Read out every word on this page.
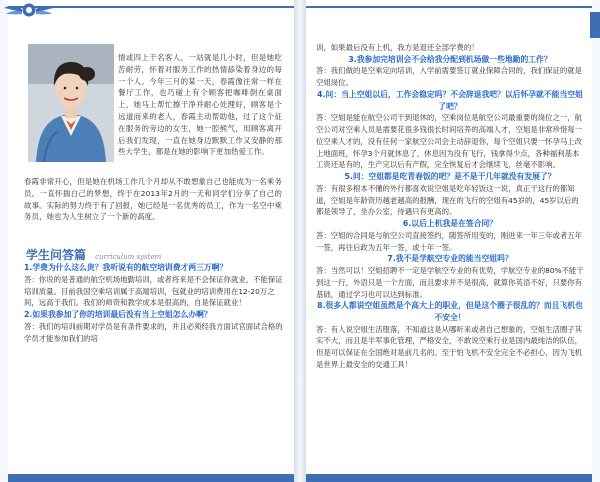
情或四上干名客人，一站就是几小时，但是她吃苦耐劳，怀着对服务工作的热情舔染着身边的每一个人。今年三月的某一天，春霞像往常一样在餐厅工作，也巧碰上有个顾客把咖啡倒在桌面上，她马上帮忙擦干净并耐心处理好，顾客是个远道而来的老人，春霞主动帮助他，过了这个征在服务的旁边的女生，她一腔熊气，用顾客离开后我们发现，一直在她身边默默工作又安静的那些大学生，都是在她的影响下更加热爱工作。
春霞非常开心，但是她在机场工作几个月却从不敢想象自己也能成为一名乘务员。一直怀揣白己的梦想，终于在2013年2月的一天和同学们分享了自己的故事。实际的努力终于有了回报，她已经是一名优秀的员工，作为一名空中乘务员，她也为人生树立了一个新的高度。
学生问答篇 curriculum system
1.学费为什么这么贵？我听说有的航空培训费才两三万啊？
答：你说的是普通的航空机场地勤培训，或者将来是不会保证你就业，不能保证培训质量。目前我国空乘培训属于高端培训，包就业的培训费用在12-20万之间，远高于我们。我们的师资和教学成本是很高的，自是保证就业！
2.如果我参加了你的培训最后没有当上空姐怎么办啊？
答：我们的培训前期对学员是有条件要求的，并且必须经我方面试官面试合格的学员才能参加我们的培
训，如果最后没有上机，我方是退还全部学费的！
3.我参加完培训会不会给我分配到机场做一些地勤的工作？
答：我们做的是空乘定向培训，入学前需要签订就业保障合同的，我们保证的就是空姐岗位。
4.问：当上空姐以后，工作会稳定吗？不会辞退我吧？以后怀孕就不能当空姐了吧？
答：空姐是能在航空公司干到退休的，空乘岗位是航空公司最重要的岗位之一，航空公司对空乘人员是需要花很多钱很长时间培养的高端人才，空姐是非常珍惜每一位空乘人才的，没有任何一家航空公司会主动辞退你，每个空姐只要一怀孕马上改上地面班，怀孕3个月就休息了，休息因为没有飞行，钱拿得少点，各种福利基本工资还是有的，生产完以后有产假，完全恢复后才会继续飞，丝毫不影响。
5.问：空姐都是吃青春饭的吧？是不是干几年就没有发展了？
答：有很多根本不懂的外行都喜欢说空姐是吃年轻饭这一说，真正干这行的都知道，空姐是年龄资历越老越高的报酬，现在的飞行的空姐有45岁的，45岁以后的都是领导了，坐办公室，待遇只有更高的。
6.以后上机我是在签合同？
答：空姐的合同是与航空公司直接签约，随签所用变的，刚进来一年三年或者五年一签，再往后政为五年一签，或十年一签。
7.我不是学航空专业的能当空姐吗？
答：当然可以！空姐招聘不一定是学航空专业的有优势，学航空专业的80%不能干到这一行，外语只是一个方面，而且要求并不是很高，就算你英语不好，只要你有基础，通过学习也可以达到标准。
8.很多人都说空姐虽然是个高大上的职业，但是这个圈子很乱的？而且飞机也不安全！
答：有人说空姐生活堕落，不知道这是从哪听来或者自己想象的，空姐生活圈子其实不大，而且是半军事化管理，严格安全，不敢说空乘行业是国内最纯洁的队伍，但是可以保证在全国绝对是前几名的。至于怕飞机不安全完全不必担心，因为飞机是世界上最安全的交通工具！
